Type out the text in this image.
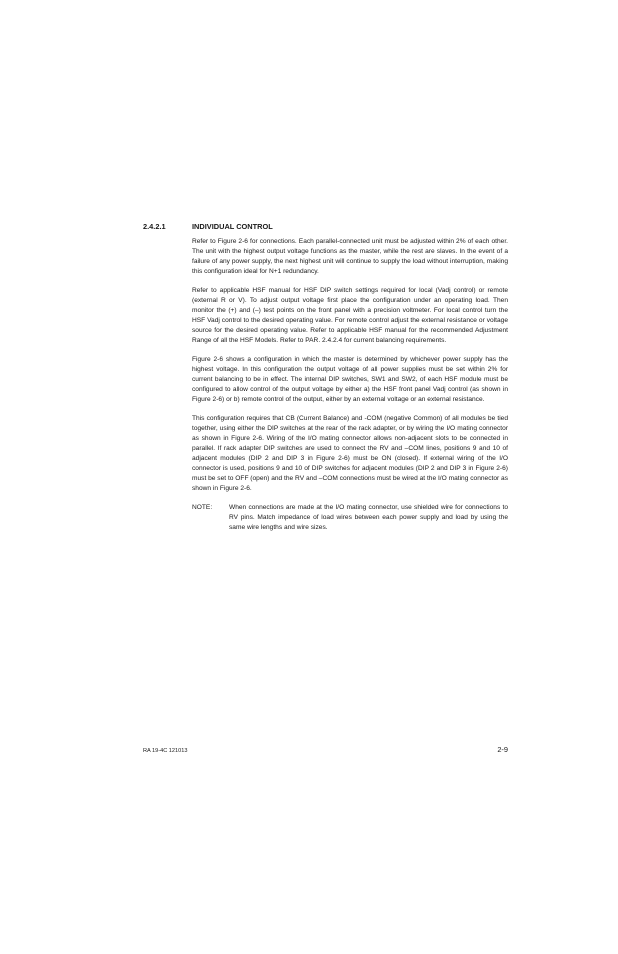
2.4.2.1	INDIVIDUAL CONTROL

Refer to Figure 2-6 for connections. Each parallel-connected unit must be adjusted within 2% of each other. The unit with the highest output voltage functions as the master, while the rest are slaves. In the event of a failure of any power supply, the next highest unit will continue to supply the load without interruption, making this configuration ideal for N+1 redundancy.

Refer to applicable HSF manual for HSF DIP switch settings required for local (Vadj control) or remote (external R or V). To adjust output voltage first place the configuration under an operating load. Then monitor the (+) and (–) test points on the front panel with a precision voltmeter. For local control turn the HSF Vadj control to the desired operating value. For remote control adjust the external resistance or voltage source for the desired operating value. Refer to applicable HSF manual for the recommended Adjustment Range of all the HSF Models. Refer to PAR. 2.4.2.4 for current balancing requirements.

Figure 2-6 shows a configuration in which the master is determined by whichever power supply has the highest voltage. In this configuration the output voltage of all power supplies must be set within 2% for current balancing to be in effect. The internal DIP switches, SW1 and SW2, of each HSF module must be configured to allow control of the output voltage by either a) the HSF front panel Vadj control (as shown in Figure 2-6) or b) remote control of the output, either by an external voltage or an external resistance.

This configuration requires that CB (Current Balance) and -COM (negative Common) of all modules be tied together, using either the DIP switches at the rear of the rack adapter, or by wiring the I/O mating connector as shown in Figure 2-6. Wiring of the I/O mating connector allows non-adjacent slots to be connected in parallel. If rack adapter DIP switches are used to connect the RV and –COM lines, positions 9 and 10 of adjacent modules (DIP 2 and DIP 3 in Figure 2-6) must be ON (closed). If external wiring of the I/O connector is used, positions 9 and 10 of DIP switches for adjacent modules (DIP 2 and DIP 3 in Figure 2-6) must be set to OFF (open) and the RV and –COM connections must be wired at the I/O mating connector as shown in Figure 2-6.

NOTE:	When connections are made at the I/O mating connector, use shielded wire for connections to RV pins. Match impedance of load wires between each power supply and load by using the same wire lengths and wire sizes.
RA 19-4C 121013	2-9
